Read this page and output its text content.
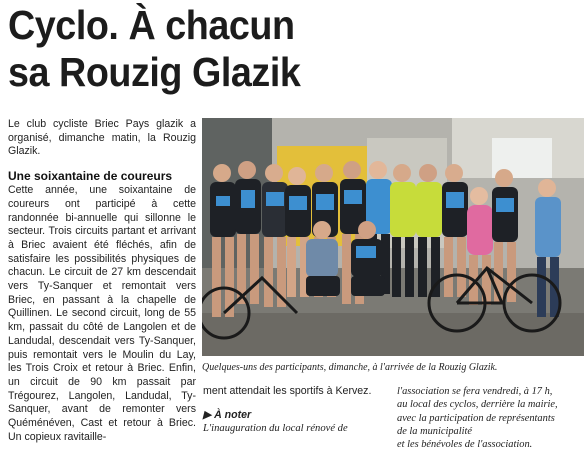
Cyclo. À chacun
sa Rouzig Glazik

Le club cycliste Briec Pays glazik a organisé, dimanche matin, la Rouzig Glazik.

Une soixantaine de coureurs

Cette année, une soixantaine de coureurs ont participé à cette randonnée bi-annuelle qui sillonne le secteur. Trois circuits partant et arrivant à Briec avaient été fléchés, afin de satisfaire les possibilités physiques de chacun. Le circuit de 27 km descendait vers Ty-Sanquer et remontait vers Briec, en passant à la chapelle de Quillinen. Le second circuit, long de 55 km, passait du côté de Langolen et de Landudal, descendait vers Ty-Sanquer, puis remontait vers le Moulin du Lay, les Trois Croix et retour à Briec. Enfin, un circuit de 90 km passait par Trégourez, Langolen, Landudal, Ty-Sanquer, avant de remonter vers Quéménéven, Cast et retour à Briec. Un copieux ravitaille-

Quelques-uns des participants, dimanche, à l'arrivée de la Rouzig Glazik.

ment attendait les sportifs à Kervez.

▶ À noter

L'inauguration du local rénové de

l'association se fera vendredi, à 17 h,

au local des cyclos, derrière la mairie,

avec la participation de représentants

de la municipalité

et les bénévoles de l'association.
